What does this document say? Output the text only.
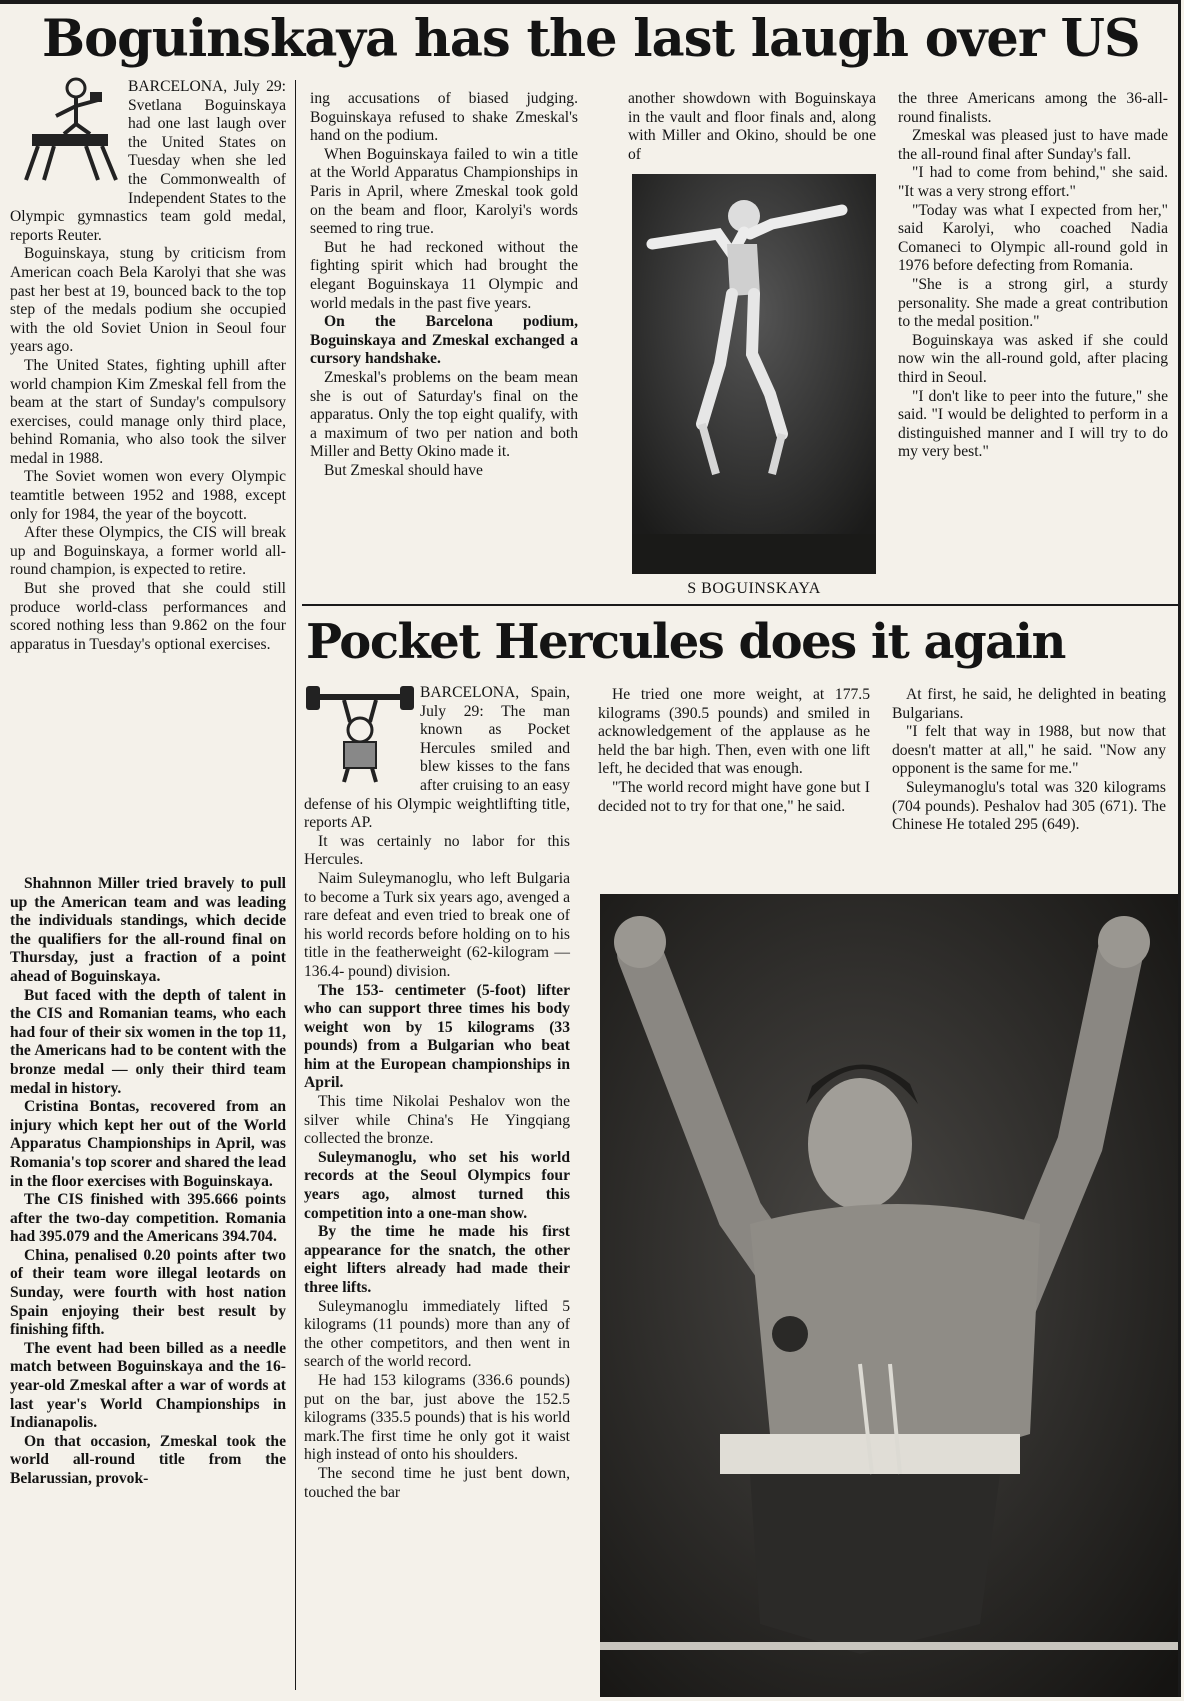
Boguinskaya has the last laugh over US

BARCELONA, July 29: Svetlana Boguinskaya had one last laugh over the United States on Tuesday when she led the Commonwealth of Independent States to the Olympic gymnastics team gold medal, reports Reuter.

Boguinskaya, stung by criticism from American coach Bela Karolyi that she was past her best at 19, bounced back to the top step of the medals podium she occupied with the old Soviet Union in Seoul four years ago.

The United States, fighting uphill after world champion Kim Zmeskal fell from the beam at the start of Sunday's compulsory exercises, could manage only third place, behind Romania, who also took the silver medal in 1988.

The Soviet women won every Olympic teamtitle between 1952 and 1988, except only for 1984, the year of the boycott.

After these Olympics, the CIS will break up and Boguinskaya, a former world all-round champion, is expected to retire.

But she proved that she could still produce world-class performances and scored nothing less than 9.862 on the four apparatus in Tuesday's optional exercises.

Shahnnon Miller tried bravely to pull up the American team and was leading the individuals standings, which decide the qualifiers for the all-round final on Thursday, just a fraction of a point ahead of Boguinskaya.

But faced with the depth of talent in the CIS and Romanian teams, who each had four of their six women in the top 11, the Americans had to be content with the bronze medal — only their third team medal in history.

Cristina Bontas, recovered from an injury which kept her out of the World Apparatus Championships in April, was Romania's top scorer and shared the lead in the floor exercises with Boguinskaya.

The CIS finished with 395.666 points after the two-day competition. Romania had 395.079 and the Americans 394.704.

China, penalised 0.20 points after two of their team wore illegal leotards on Sunday, were fourth with host nation Spain enjoying their best result by finishing fifth.

The event had been billed as a needle match between Boguinskaya and the 16-year-old Zmeskal after a war of words at last year's World Championships in Indianapolis.

On that occasion, Zmeskal took the world all-round title from the Belarussian, provok-

ing accusations of biased judging. Boguinskaya refused to shake Zmeskal's hand on the podium.

When Boguinskaya failed to win a title at the World Apparatus Championships in Paris in April, where Zmeskal took gold on the beam and floor, Karolyi's words seemed to ring true.

But he had reckoned without the fighting spirit which had brought the elegant Boguinskaya 11 Olympic and world medals in the past five years.

On the Barcelona podium, Boguinskaya and Zmeskal exchanged a cursory handshake.

Zmeskal's problems on the beam mean she is out of Saturday's final on the apparatus. Only the top eight qualify, with a maximum of two per nation and both Miller and Betty Okino made it.

But Zmeskal should have

another showdown with Boguinskaya in the vault and floor finals and, along with Miller and Okino, should be one of

S BOGUINSKAYA

the three Americans among the 36-all-round finalists.

Zmeskal was pleased just to have made the all-round final after Sunday's fall.

"I had to come from behind," she said. "It was a very strong effort."

"Today was what I expected from her," said Karolyi, who coached Nadia Comaneci to Olympic all-round gold in 1976 before defecting from Romania.

"She is a strong girl, a sturdy personality. She made a great contribution to the medal position."

Boguinskaya was asked if she could now win the all-round gold, after placing third in Seoul.

"I don't like to peer into the future," she said. "I would be delighted to perform in a distinguished manner and I will try to do my very best."

Pocket Hercules does it again

BARCELONA, Spain, July 29: The man known as Pocket Hercules smiled and blew kisses to the fans after cruising to an easy defense of his Olympic weightlifting title, reports AP.

It was certainly no labor for this Hercules.

Naim Suleymanoglu, who left Bulgaria to become a Turk six years ago, avenged a rare defeat and even tried to break one of his world records before holding on to his title in the featherweight (62-kilogram —136.4- pound) division.

The 153- centimeter (5-foot) lifter who can support three times his body weight won by 15 kilograms (33 pounds) from a Bulgarian who beat him at the European championships in April.

This time Nikolai Peshalov won the silver while China's He Yingqiang collected the bronze.

Suleymanoglu, who set his world records at the Seoul Olympics four years ago, almost turned this competition into a one-man show.

By the time he made his first appearance for the snatch, the other eight lifters already had made their three lifts.

Suleymanoglu immediately lifted 5 kilograms (11 pounds) more than any of the other competitors, and then went in search of the world record.

He had 153 kilograms (336.6 pounds) put on the bar, just above the 152.5 kilograms (335.5 pounds) that is his world mark.The first time he only got it waist high instead of onto his shoulders.

The second time he just bent down, touched the bar

He tried one more weight, at 177.5 kilograms (390.5 pounds) and smiled in acknowledgement of the applause as he held the bar high. Then, even with one lift left, he decided that was enough.

"The world record might have gone but I decided not to try for that one," he said.

At first, he said, he delighted in beating Bulgarians.

"I felt that way in 1988, but now that doesn't matter at all," he said. "Now any opponent is the same for me."

Suleymanoglu's total was 320 kilograms (704 pounds). Peshalov had 305 (671). The Chinese He totaled 295 (649).
